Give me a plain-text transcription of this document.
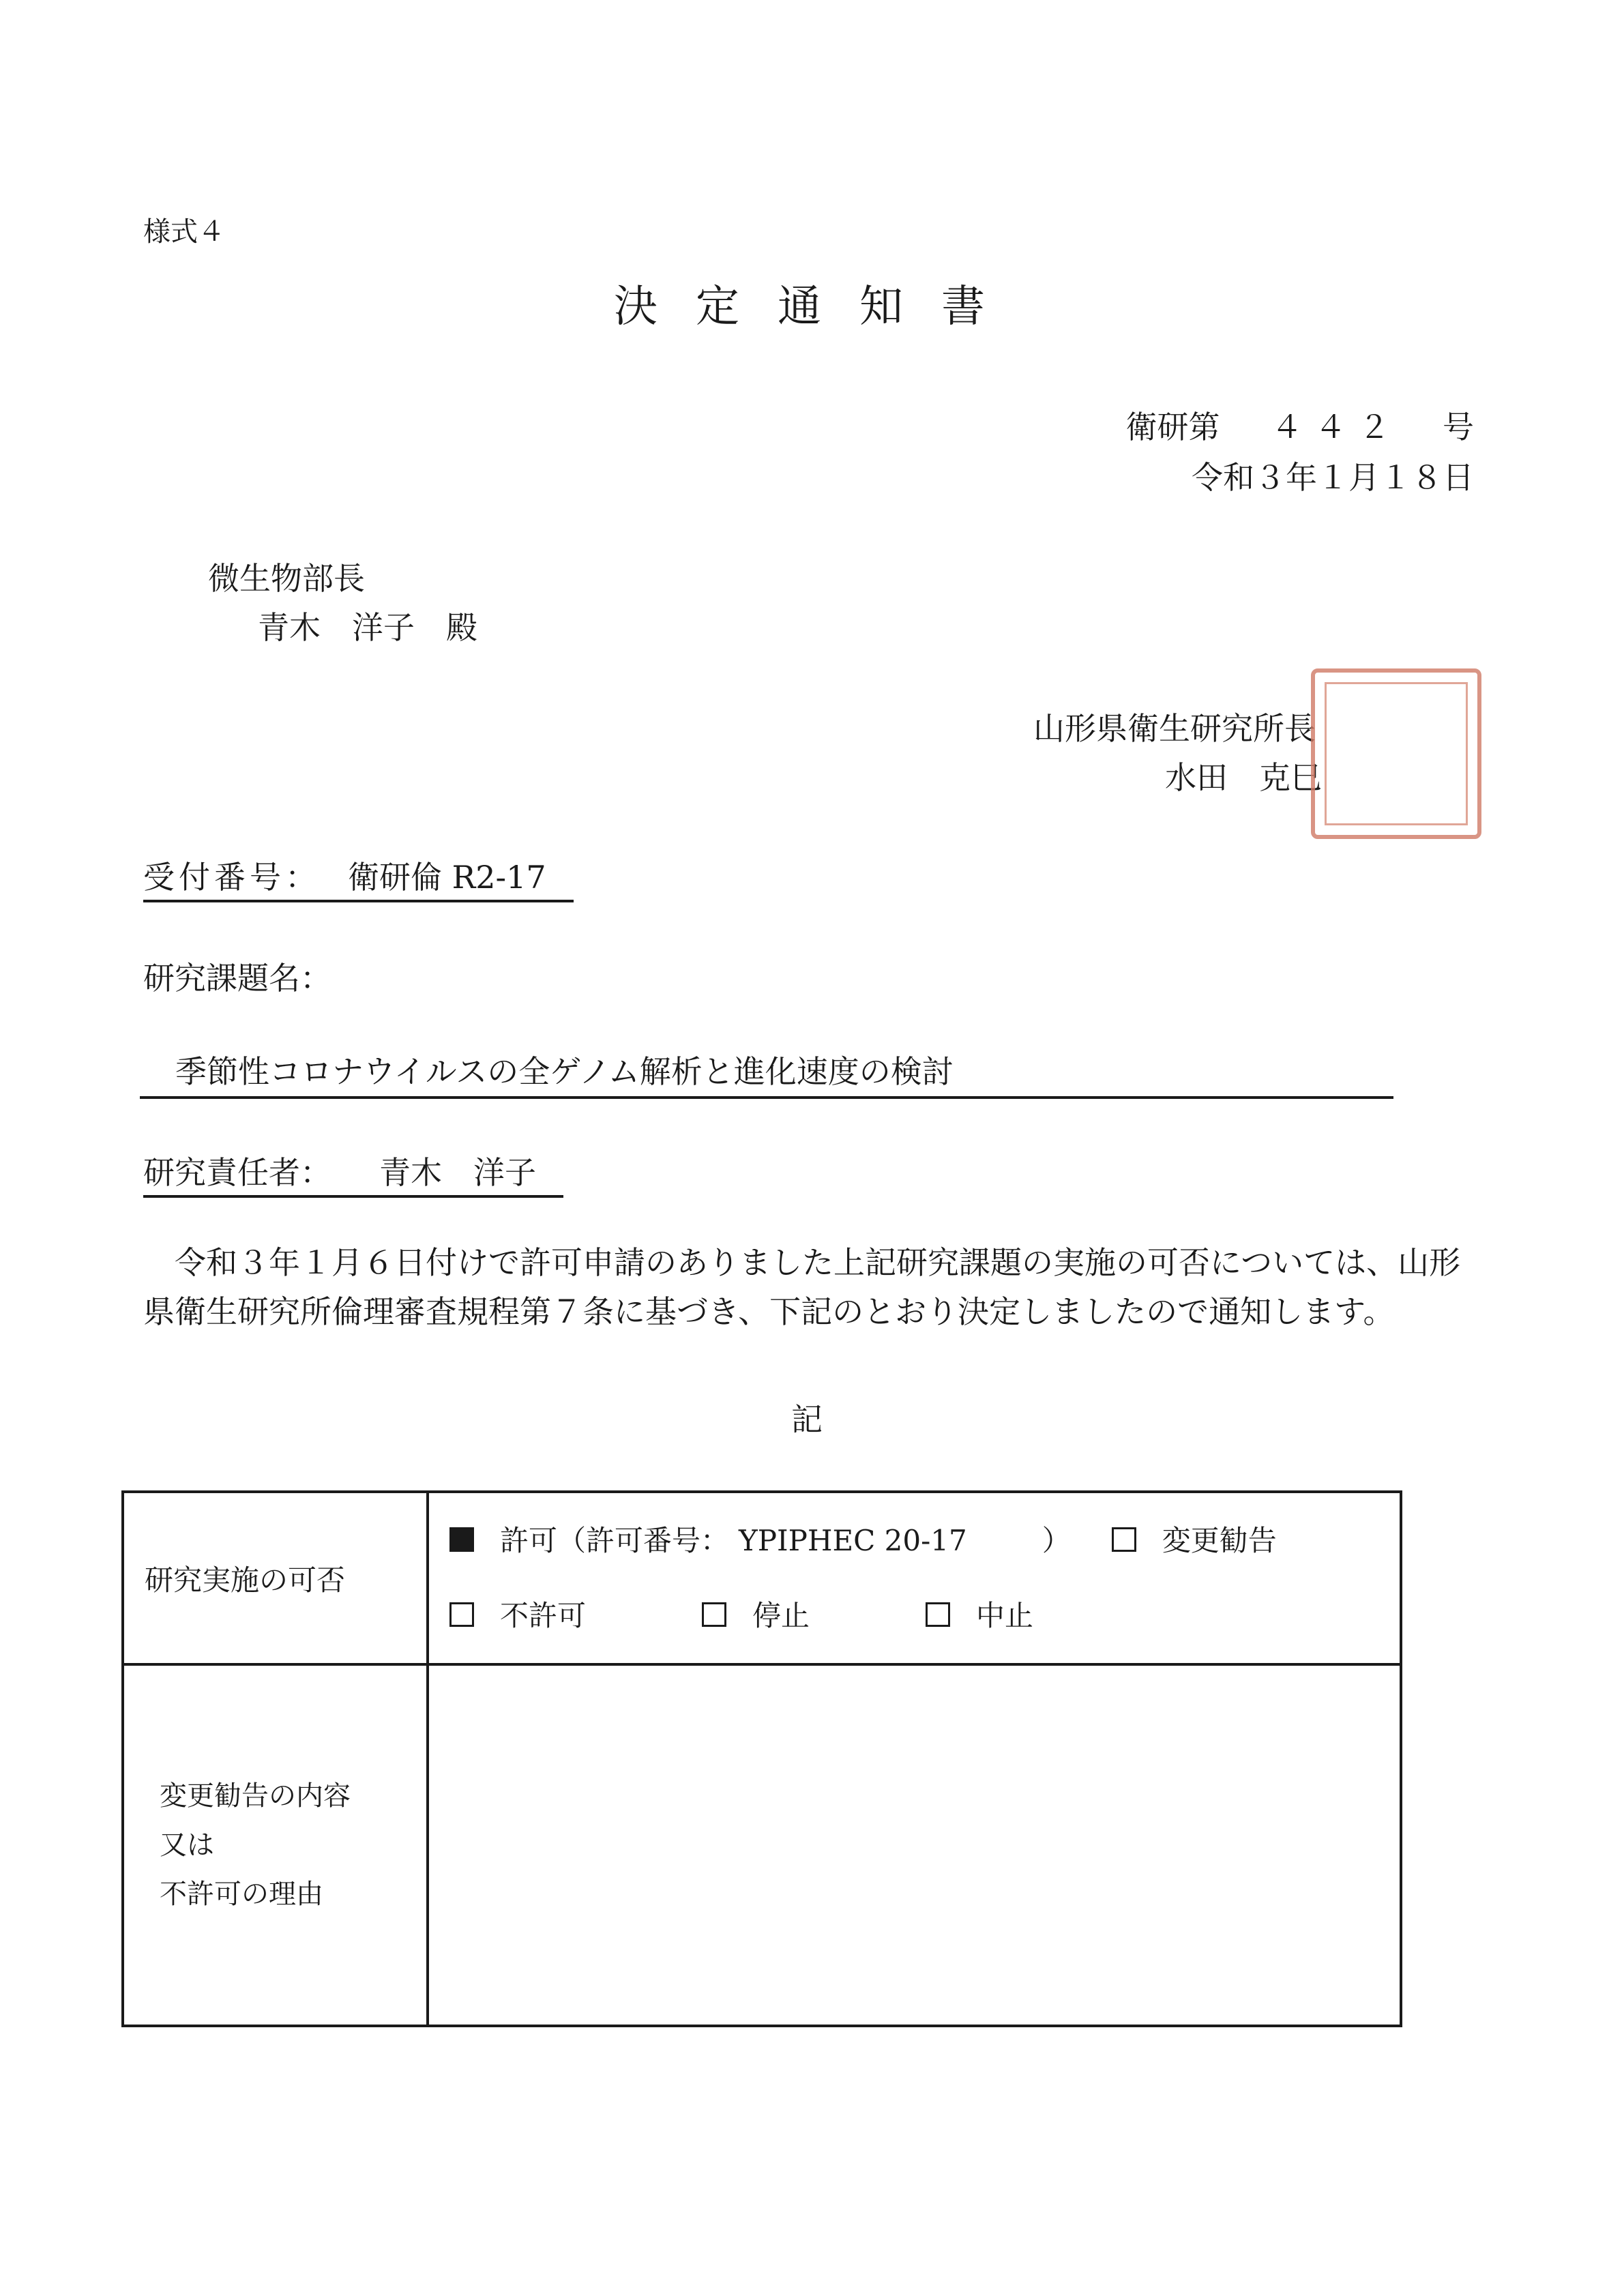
様式４
決定通知書
衛研第 ４４２ 号
令和３年１月１８日
微生物部長
青木　洋子　殿
山形県衛生研究所長
水田　克巳
受付番号： 衛研倫 R2-17
研究課題名：
季節性コロナウイルスの全ゲノム解析と進化速度の検討
研究責任者： 青木　洋子
令和３年１月６日付けで許可申請のありました上記研究課題の実施の可否については、山形県衛生研究所倫理審査規程第７条に基づき、下記のとおり決定しましたので通知します。
記
研究実施の可否	許可（許可番号： YPIPHEC 20-17 ） 変更勧告
不許可 停止 中止

変更勧告の内容
又は
不許可の理由	
